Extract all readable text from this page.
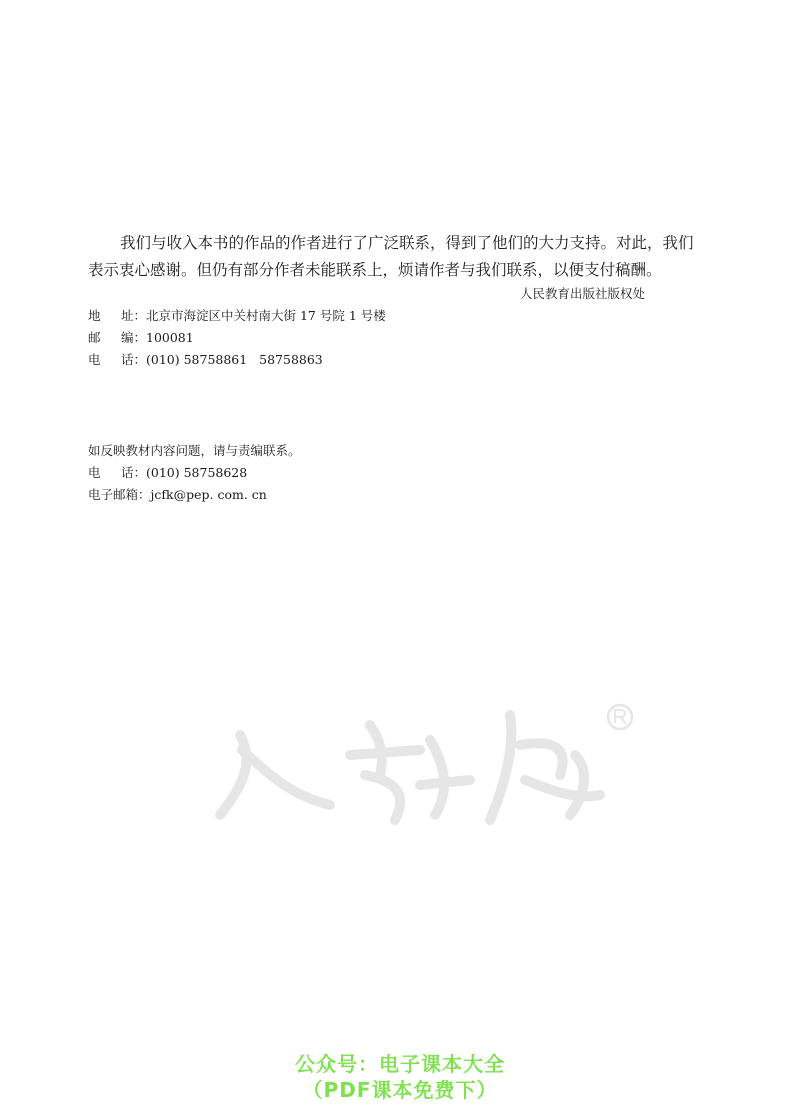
我们与收入本书的作品的作者进行了广泛联系，得到了他们的大力支持。对此，我们

表示衷心感谢。但仍有部分作者未能联系上，烦请作者与我们联系，以便支付稿酬。

人民教育出版社版权处
地 址： 北京市海淀区中关村南大街 17 号院 1 号楼
邮 编： 100081
电 话： (010) 58758861   58758863
如反映教材内容问题，请与责编联系。
电 话： (010) 58758628
电子邮箱： jcfk@pep. com. cn
公众号：电子课本大全
（PDF课本免费下）
